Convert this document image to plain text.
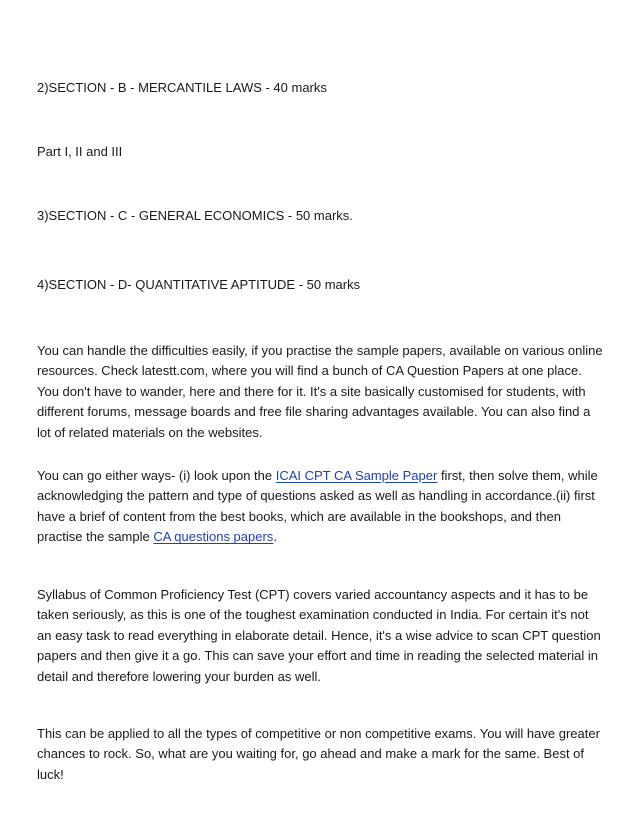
2)SECTION - B - MERCANTILE LAWS - 40 marks
Part I, II and III
3)SECTION - C - GENERAL ECONOMICS - 50 marks.
4)SECTION - D- QUANTITATIVE APTITUDE - 50 marks

You can handle the difficulties easily, if you practise the sample papers, available on various online resources. Check latestt.com, where you will find a bunch of CA Question Papers at one place. You don't have to wander, here and there for it. It's a site basically customised for students, with different forums, message boards and free file sharing advantages available. You can also find a lot of related materials on the websites.

You can go either ways- (i) look upon the ICAI CPT CA Sample Paper first, then solve them, while acknowledging the pattern and type of questions asked as well as handling in accordance.(ii) first have a brief of content from the best books, which are available in the bookshops, and then practise the sample CA questions papers.

Syllabus of Common Proficiency Test (CPT) covers varied accountancy aspects and it has to be taken seriously, as this is one of the toughest examination conducted in India. For certain it's not an easy task to read everything in elaborate detail. Hence, it's a wise advice to scan CPT question papers and then give it a go. This can save your effort and time in reading the selected material in detail and therefore lowering your burden as well.

This can be applied to all the types of competitive or non competitive exams. You will have greater chances to rock. So, what are you waiting for, go ahead and make a mark for the same. Best of luck!
